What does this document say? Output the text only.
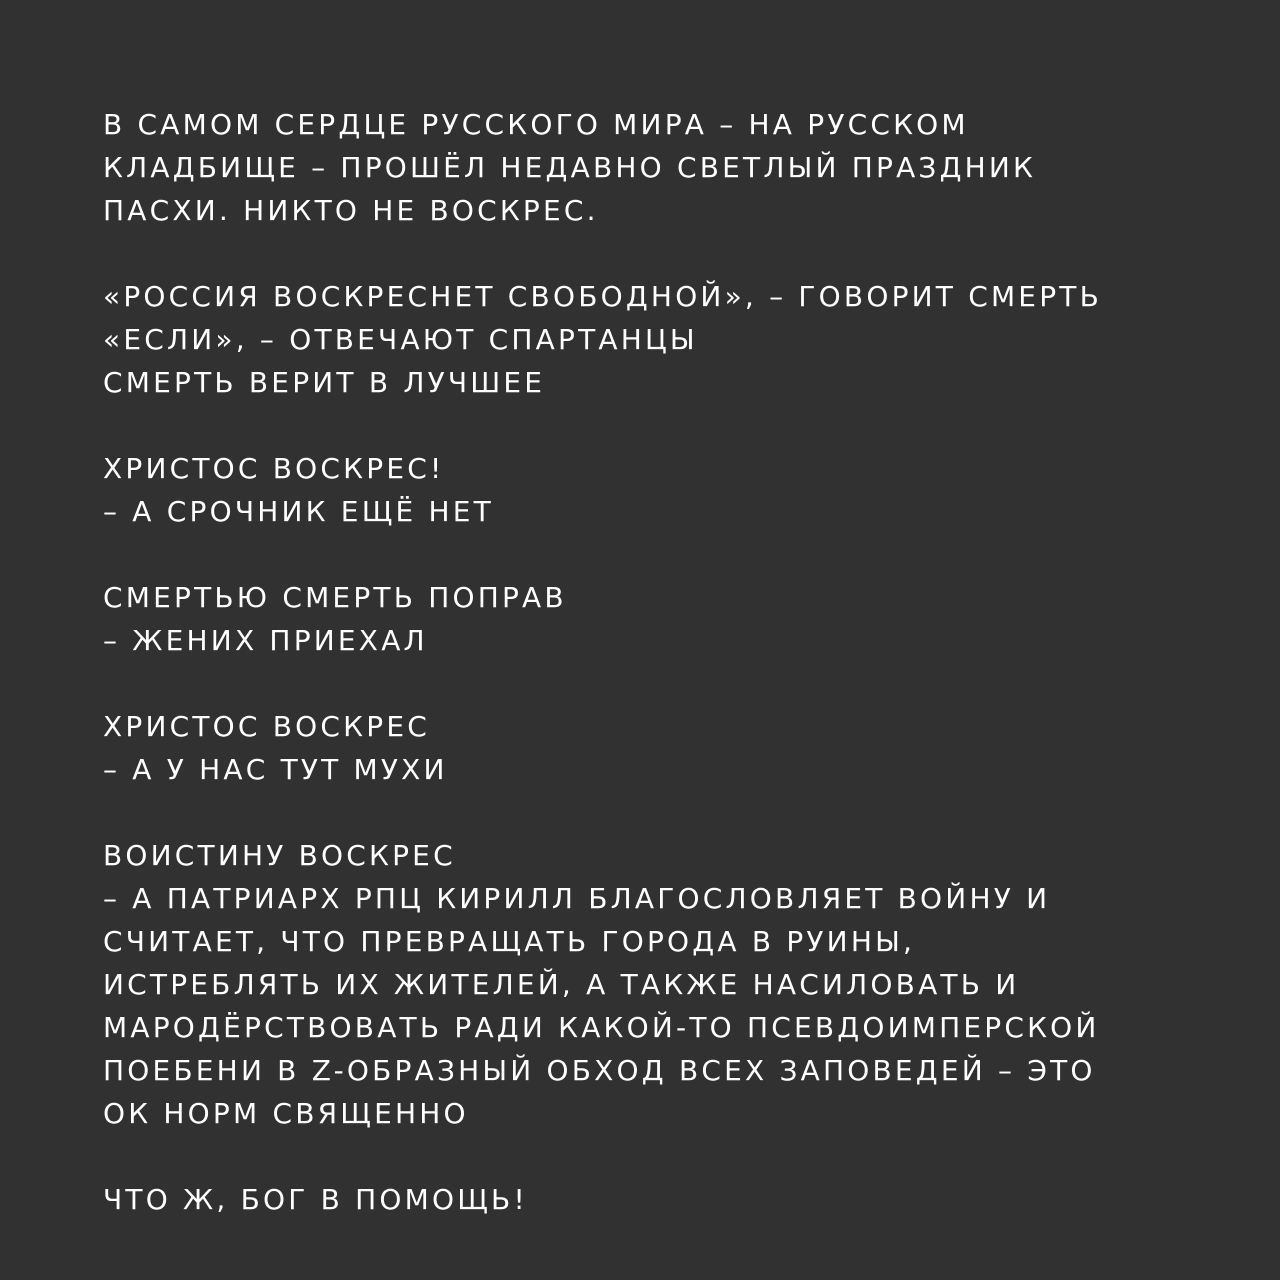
В САМОМ СЕРДЦЕ РУССКОГО МИРА – НА РУССКОМ
КЛАДБИЩЕ – ПРОШЁЛ НЕДАВНО СВЕТЛЫЙ ПРАЗДНИК
ПАСХИ. НИКТО НЕ ВОСКРЕС.
«РОССИЯ ВОСКРЕСНЕТ СВОБОДНОЙ», – ГОВОРИТ СМЕРТЬ
«ЕСЛИ», – ОТВЕЧАЮТ СПАРТАНЦЫ
СМЕРТЬ ВЕРИТ В ЛУЧШЕЕ
ХРИСТОС ВОСКРЕС!
– А СРОЧНИК ЕЩЁ НЕТ
СМЕРТЬЮ СМЕРТЬ ПОПРАВ
– ЖЕНИХ ПРИЕХАЛ
ХРИСТОС ВОСКРЕС
– А У НАС ТУТ МУХИ
ВОИСТИНУ ВОСКРЕС
– А ПАТРИАРХ РПЦ КИРИЛЛ БЛАГОСЛОВЛЯЕТ ВОЙНУ И
СЧИТАЕТ, ЧТО ПРЕВРАЩАТЬ ГОРОДА В РУИНЫ,
ИСТРЕБЛЯТЬ ИХ ЖИТЕЛЕЙ, А ТАКЖЕ НАСИЛОВАТЬ И
МАРОДЁРСТВОВАТЬ РАДИ КАКОЙ-ТО ПСЕВДОИМПЕРСКОЙ
ПОЕБЕНИ В Z-ОБРАЗНЫЙ ОБХОД ВСЕХ ЗАПОВЕДЕЙ – ЭТО
ОК НОРМ СВЯЩЕННО
ЧТО Ж, БОГ В ПОМОЩЬ!
